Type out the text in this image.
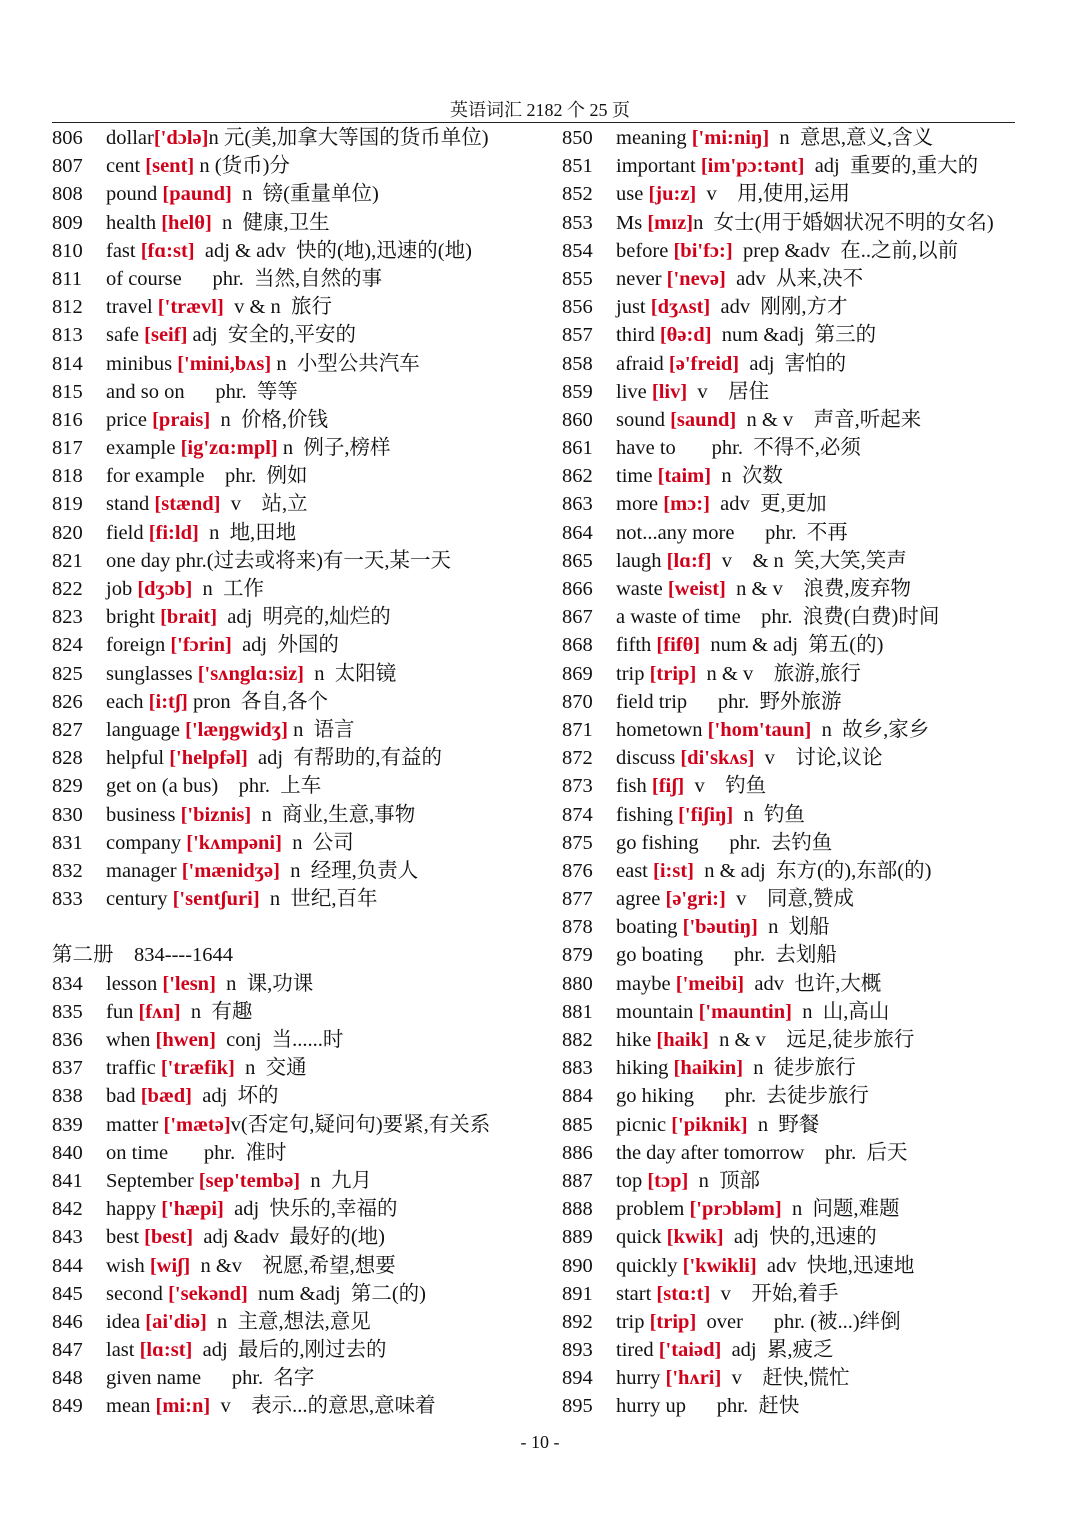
英语词汇 2182 个 25 页
806	dollar ['dɔlə] n 元(美,加拿大等国的货币单位)
807	cent [sent] n (货币)分
808	pound [paund] n  镑(重量单位)
809	health [helθ] n  健康,卫生
810	fast [fɑ:st] adj & adv  快的(地),迅速的(地)
811	of course      phr.  当然,自然的事
812	travel ['trævl] v & n  旅行
813	safe [seif] adj  安全的,平安的
814	minibus ['mini,bʌs] n  小型公共汽车
815	and so on      phr.  等等
816	price [prais] n  价格,价钱
817	example [ig'zɑ:mpl] n  例子,榜样
818	for example    phr.  例如
819	stand [stænd] v    站,立
820	field [fi:ld] n  地,田地
821	one day phr.(过去或将来)有一天,某一天
822	job [dʒɔb] n  工作
823	bright [brait] adj  明亮的,灿烂的
824	foreign ['fɔrin] adj  外国的
825	sunglasses ['sʌnglɑ:siz] n  太阳镜
826	each [i:tʃ] pron  各自,各个
827	language ['læŋgwidʒ] n  语言
828	helpful ['helpfəl] adj  有帮助的,有益的
829	get on (a bus)    phr.  上车
830	business ['biznis] n  商业,生意,事物
831	company ['kʌmpəni] n  公司
832	manager ['mænidʒə] n  经理,负责人
833	century ['sentʃuri] n  世纪,百年
第二册    834----1644
834	lesson ['lesn] n  课,功课
835	fun [fʌn] n  有趣
836	when [hwen] conj  当......时
837	traffic ['træfik] n  交通
838	bad [bæd] adj  坏的
839	matter ['mætə] v(否定句,疑问句)要紧,有关系
840	on time       phr.  准时
841	September [sep'tembə] n  九月
842	happy ['hæpi] adj  快乐的,幸福的
843	best [best] adj &adv  最好的(地)
844	wish [wiʃ] n &v    祝愿,希望,想要
845	second ['sekənd] num &adj  第二(的)
846	idea [ai'diə] n  主意,想法,意见
847	last [lɑ:st] adj  最后的,刚过去的
848	given name      phr.  名字
849	mean [mi:n] v    表示...的意思,意味着
850	meaning ['mi:niŋ] n  意思,意义,含义
851	important [im'pɔ:tənt] adj  重要的,重大的
852	use [ju:z] v    用,使用,运用
853	Ms [mɪz] n  女士(用于婚姻状况不明的女名)
854	before [bi'fɔ:] prep &adv  在..之前,以前
855	never ['nevə] adv  从来,决不
856	just [dʒʌst] adv  刚刚,方才
857	third [θə:d] num &adj  第三的
858	afraid [ə'freid] adj  害怕的
859	live [liv] v    居住
860	sound [saund] n & v    声音,听起来
861	have to       phr.  不得不,必须
862	time [taim] n  次数
863	more [mɔ:] adv  更,更加
864	not...any more      phr.  不再
865	laugh [lɑ:f] v    & n  笑,大笑,笑声
866	waste [weist] n & v    浪费,废弃物
867	a waste of time    phr.  浪费(白费)时间
868	fifth [fifθ] num & adj  第五(的)
869	trip [trip] n & v    旅游,旅行
870	field trip      phr.  野外旅游
871	hometown ['hom'taun] n  故乡,家乡
872	discuss [di'skʌs] v    讨论,议论
873	fish [fiʃ] v    钓鱼
874	fishing ['fiʃiŋ] n  钓鱼
875	go fishing      phr.  去钓鱼
876	east [i:st] n & adj  东方(的),东部(的)
877	agree [ə'gri:] v    同意,赞成
878	boating ['bəutiŋ] n  划船
879	go boating      phr.  去划船
880	maybe ['meibi] adv  也许,大概
881	mountain ['mauntin] n  山,高山
882	hike [haik] n & v    远足,徒步旅行
883	hiking [haikin] n  徒步旅行
884	go hiking      phr.  去徒步旅行
885	picnic ['piknik] n  野餐
886	the day after tomorrow    phr.  后天
887	top [tɔp] n  顶部
888	problem ['prɔbləm] n  问题,难题
889	quick [kwik] adj  快的,迅速的
890	quickly ['kwikli] adv  快地,迅速地
891	start [stɑ:t] v    开始,着手
892	trip [trip] over      phr. (被...)绊倒
893	tired ['taiəd] adj  累,疲乏
894	hurry ['hʌri] v    赶快,慌忙
895	hurry up      phr.  赶快
- 10 -
